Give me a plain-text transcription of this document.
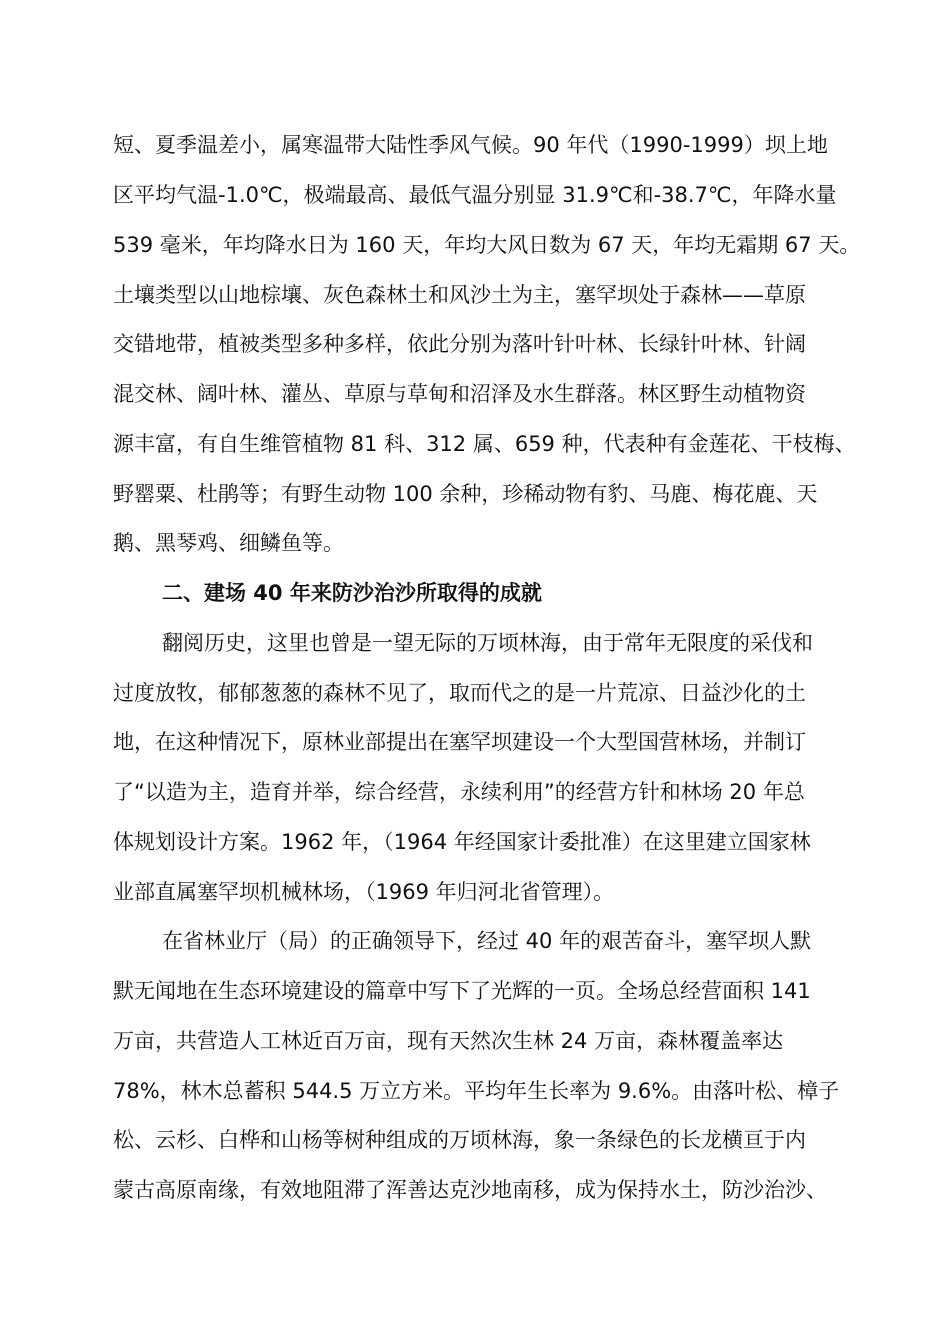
短、夏季温差小，属寒温带大陆性季风气候。90 年代（1990-1999）坝上地
区平均气温-1.0℃，极端最高、最低气温分别显 31.9℃和-38.7℃，年降水量
539 毫米，年均降水日为 160 天，年均大风日数为 67 天，年均无霜期 67 天。
土壤类型以山地棕壤、灰色森林土和风沙土为主，塞罕坝处于森林——草原
交错地带，植被类型多种多样，依此分别为落叶针叶林、长绿针叶林、针阔
混交林、阔叶林、灌丛、草原与草甸和沼泽及水生群落。林区野生动植物资
源丰富，有自生维管植物 81 科、312 属、659 种，代表种有金莲花、干枝梅、
野罂粟、杜鹃等；有野生动物 100 余种，珍稀动物有豹、马鹿、梅花鹿、天
鹅、黑琴鸡、细鳞鱼等。
二、建场 40 年来防沙治沙所取得的成就
翻阅历史，这里也曾是一望无际的万顷林海，由于常年无限度的采伐和
过度放牧，郁郁葱葱的森林不见了，取而代之的是一片荒凉、日益沙化的土
地，在这种情况下，原林业部提出在塞罕坝建设一个大型国营林场，并制订
了“以造为主，造育并举，综合经营，永续利用”的经营方针和林场 20 年总
体规划设计方案。1962 年，（1964 年经国家计委批准）在这里建立国家林
业部直属塞罕坝机械林场，（1969 年归河北省管理）。
在省林业厅（局）的正确领导下，经过 40 年的艰苦奋斗，塞罕坝人默
默无闻地在生态环境建设的篇章中写下了光辉的一页。全场总经营面积 141
万亩，共营造人工林近百万亩，现有天然次生林 24 万亩，森林覆盖率达
78%，林木总蓄积 544.5 万立方米。平均年生长率为 9.6%。由落叶松、樟子
松、云杉、白桦和山杨等树种组成的万顷林海，象一条绿色的长龙横亘于内
蒙古高原南缘，有效地阻滞了浑善达克沙地南移，成为保持水土，防沙治沙、
